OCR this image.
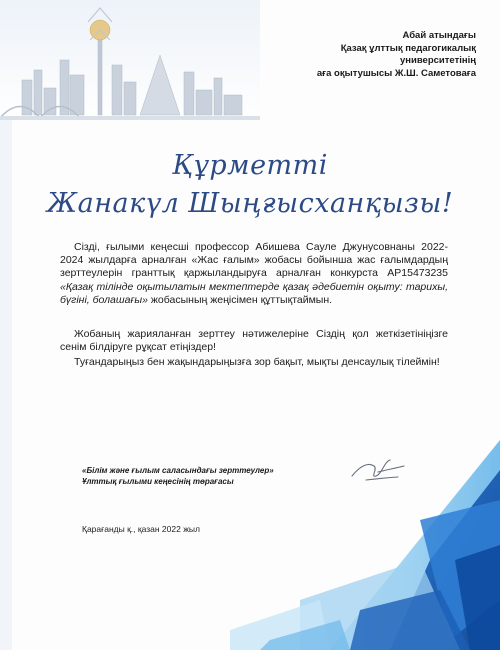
Абай атындағы
Қазақ ұлттық педагогикалық
университетінің
аға оқытушысы Ж.Ш. Саметоваға
Құрметті
Жанакүл Шыңғысханқызы!

Сізді, ғылыми кеңесші профессор Абишева Сауле Джунусовнаны 2022-2024 жылдарға арналған «Жас ғалым» жобасы бойынша жас ғалымдардың зерттеулерін гранттық қаржыландыруға арналған конкурста АР15473235 «Қазақ тілінде оқытылатын мектептерде қазақ әдебиетін оқыту: тарихы, бүгіні, болашағы» жобасының жеңісімен құттықтаймын.

Жобаның жарияланған зерттеу нәтижелеріне Сіздің қол жеткізетініңізге сенім білдіруге рұқсат етіңіздер!

Туғандарыңыз бен жақындарыңызға зор бақыт, мықты денсаулық тілеймін!

«Білім және ғылым саласындағы зерттеулер»
Ұлттық ғылыми кеңесінің төрағасы
Қарағанды қ., қазан 2022 жыл
